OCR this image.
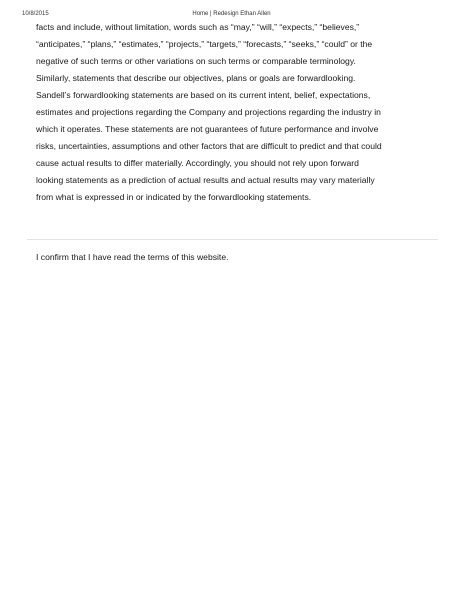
10/8/2015	Home | Redesign Ethan Allen
facts and include, without limitation, words such as “may,” “will,” “expects,” “believes,”
“anticipates,” “plans,” “estimates,” “projects,” “targets,” “forecasts,” “seeks,” “could” or the
negative of such terms or other variations on such terms or comparable terminology.
Similarly, statements that describe our objectives, plans or goals are forwardlooking.
Sandell’s forwardlooking statements are based on its current intent, belief, expectations,
estimates and projections regarding the Company and projections regarding the industry in
which it operates. These statements are not guarantees of future performance and involve
risks, uncertainties, assumptions and other factors that are difficult to predict and that could
cause actual results to differ materially. Accordingly, you should not rely upon forward
looking statements as a prediction of actual results and actual results may vary materially
from what is expressed in or indicated by the forwardlooking statements.
I confirm that I have read the terms of this website.
